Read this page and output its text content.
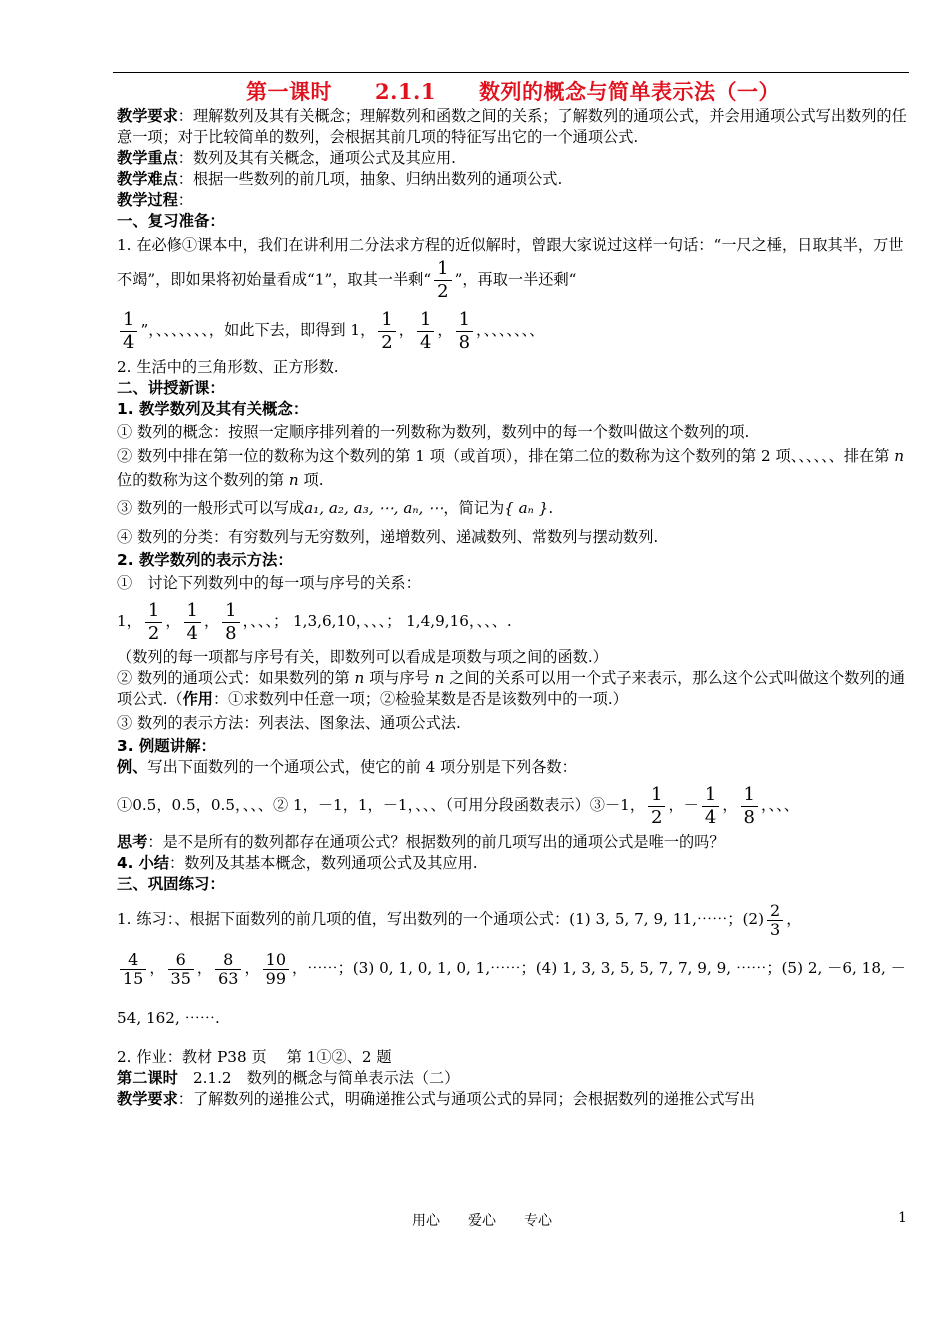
第一课时　　2.1.1　　数列的概念与简单表示法（一）

教学要求：理解数列及其有关概念；理解数列和函数之间的关系；了解数列的通项公式，并会用通项公式写出数列的任意一项；对于比较简单的数列，会根据其前几项的特征写出它的一个通项公式.

教学重点：数列及其有关概念，通项公式及其应用.

教学难点：根据一些数列的前几项，抽象、归纳出数列的通项公式.

教学过程：

一、复习准备：

1. 在必修①课本中，我们在讲利用二分法求方程的近似解时，曾跟大家说过这样一句话：“一尺之棰，日取其半，万世不竭”，即如果将初始量看成“1”，取其一半剩“ $\frac{1}{2}$ ”，再取一半还剩“

$\frac{1}{4}$ ”，、、、、、、、，如此下去，即得到 1， $\frac{1}{2}$ ， $\frac{1}{4}$ ， $\frac{1}{8}$ ，、、、、、、、

2. 生活中的三角形数、正方形数.

二、讲授新课：

1. 教学数列及其有关概念：

① 数列的概念：按照一定顺序排列着的一列数称为数列，数列中的每一个数叫做这个数列的项.

② 数列中排在第一位的数称为这个数列的第 1 项（或首项），排在第二位的数称为这个数列的第 2 项、、、、、、排在第 n 位的数称为这个数列的第 n 项.

③ 数列的一般形式可以写成a₁, a₂, a₃, ⋯, aₙ, ⋯，简记为{ aₙ }.

④ 数列的分类：有穷数列与无穷数列，递增数列、递减数列、常数列与摆动数列.

2. 教学数列的表示方法：

①　讨论下列数列中的每一项与序号的关系：

1， $\frac{1}{2}$ ， $\frac{1}{4}$ ， $\frac{1}{8}$ ，、、、； 1,3,6,10，、、、； 1,4,9,16，、、、.

（数列的每一项都与序号有关，即数列可以看成是项数与项之间的函数.）

② 数列的通项公式：如果数列的第 n 项与序号 n 之间的关系可以用一个式子来表示，那么这个公式叫做这个数列的通项公式.（作用：①求数列中任意一项；②检验某数是否是该数列中的一项.）

③ 数列的表示方法：列表法、图象法、通项公式法.

3. 例题讲解：

例、写出下面数列的一个通项公式，使它的前 4 项分别是下列各数：

①0.5，0.5，0.5，、、、② 1，－1，1，－1，、、、（可用分段函数表示）③－1， $\frac{1}{2}$ ，－ $\frac{1}{4}$ ， $\frac{1}{8}$ ，、、、

思考：是不是所有的数列都存在通项公式？根据数列的前几项写出的通项公式是唯一的吗？

4. 小结：数列及其基本概念，数列通项公式及其应用.

三、巩固练习：

1. 练习：、根据下面数列的前几项的值，写出数列的一个通项公式：(1) 3, 5, 7, 9, 11,⋯⋯；$(2) \frac{2}{3}$ ，

$\frac{4}{15}$ ， $\frac{6}{35}$ ， $\frac{8}{63}$ ， $\frac{10}{99}$ ，⋯⋯；(3) 0, 1, 0, 1, 0, 1,⋯⋯；(4) 1, 3, 3, 5, 5, 7, 7, 9, 9, ⋯⋯；(5) 2, －6, 18, －54, 162, ⋯⋯.

2. 作业：教材 P38 页　 第 1①②、2 题

第二课时　2.1.2　数列的概念与简单表示法（二）

教学要求：了解数列的递推公式，明确递推公式与通项公式的异同；会根据数列的递推公式写出

用心　　爱心　　专心	1
